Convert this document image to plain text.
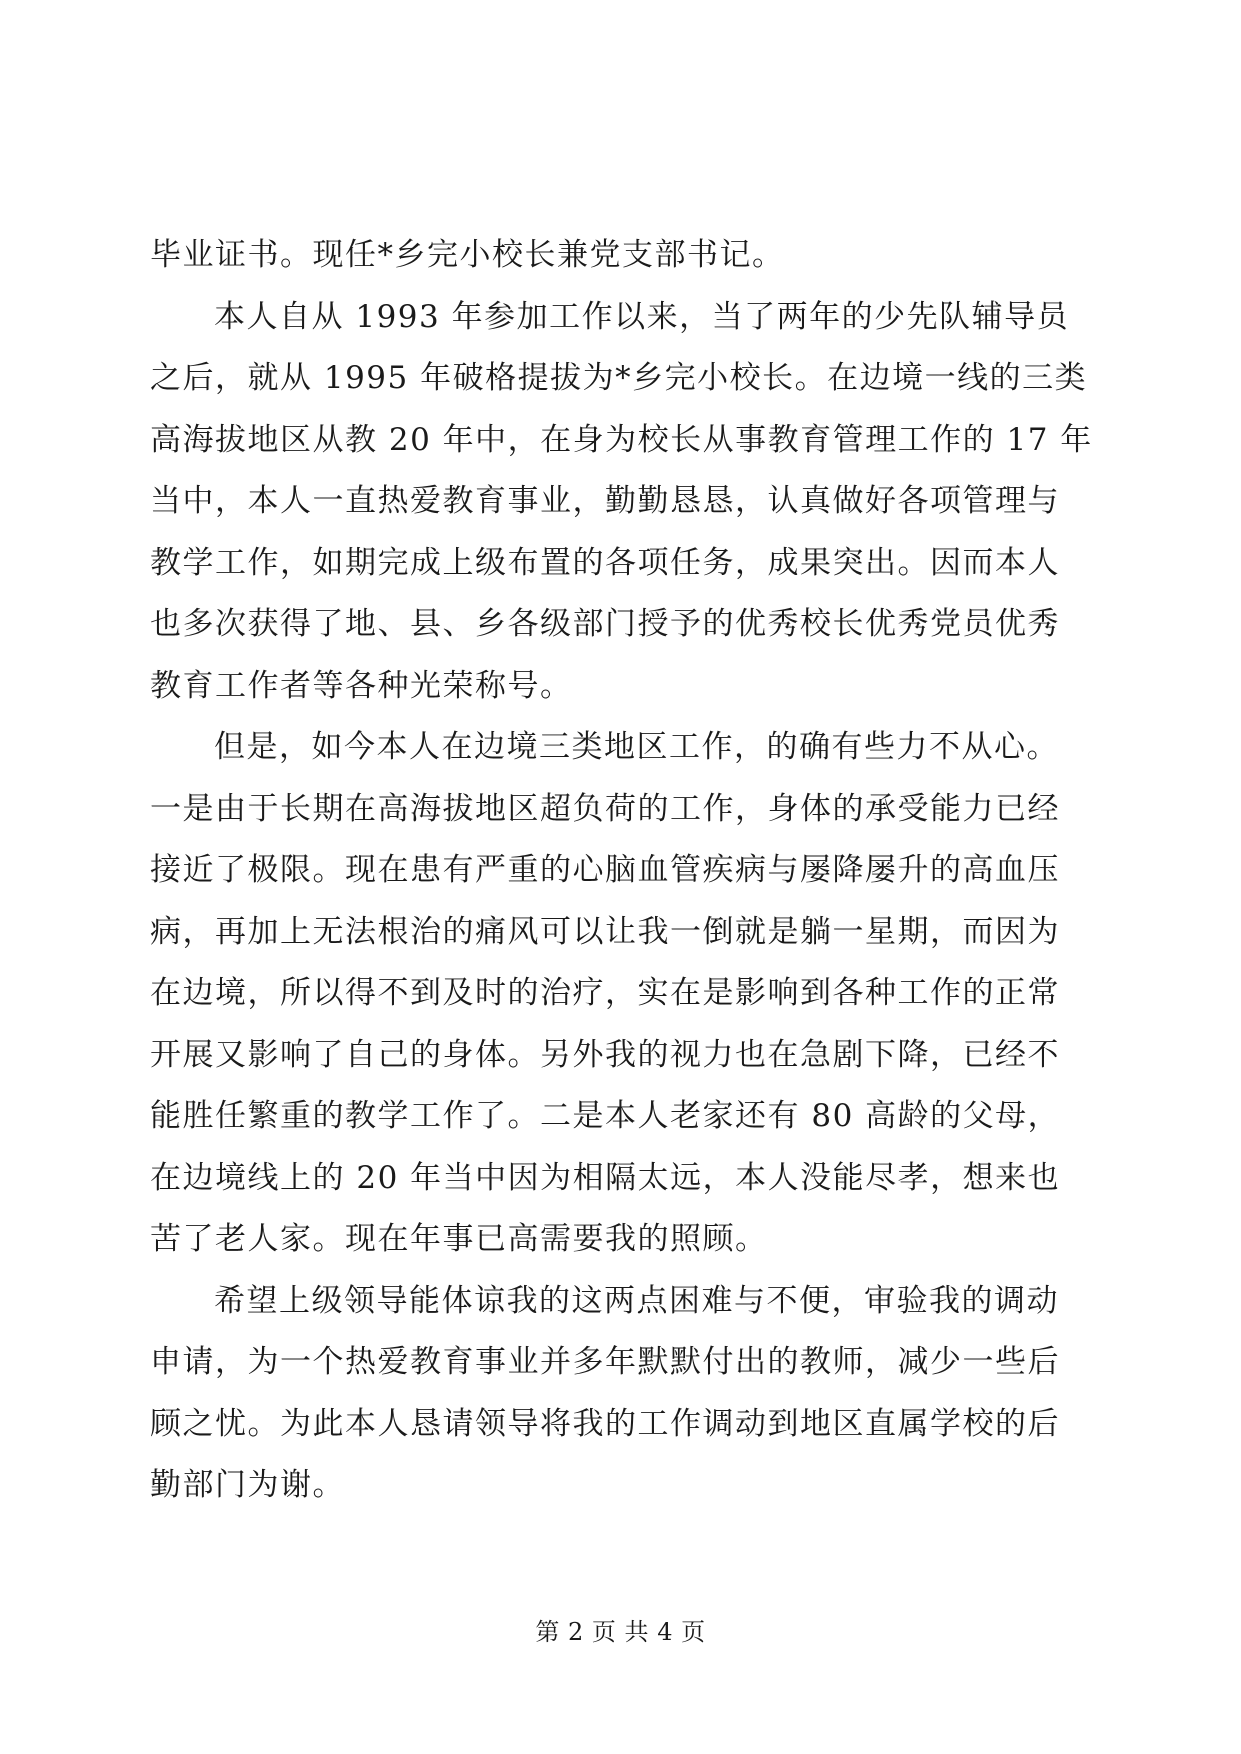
毕业证书。现任*乡完小校长兼党支部书记。
本人自从 1993 年参加工作以来，当了两年的少先队辅导员
之后，就从 1995 年破格提拔为*乡完小校长。在边境一线的三类
高海拔地区从教 20 年中，在身为校长从事教育管理工作的 17 年
当中，本人一直热爱教育事业，勤勤恳恳，认真做好各项管理与
教学工作，如期完成上级布置的各项任务，成果突出。因而本人
也多次获得了地、县、乡各级部门授予的优秀校长优秀党员优秀
教育工作者等各种光荣称号。
但是，如今本人在边境三类地区工作，的确有些力不从心。
一是由于长期在高海拔地区超负荷的工作，身体的承受能力已经
接近了极限。现在患有严重的心脑血管疾病与屡降屡升的高血压
病，再加上无法根治的痛风可以让我一倒就是躺一星期，而因为
在边境，所以得不到及时的治疗，实在是影响到各种工作的正常
开展又影响了自己的身体。另外我的视力也在急剧下降，已经不
能胜任繁重的教学工作了。二是本人老家还有 80 高龄的父母，
在边境线上的 20 年当中因为相隔太远，本人没能尽孝，想来也
苦了老人家。现在年事已高需要我的照顾。
希望上级领导能体谅我的这两点困难与不便，审验我的调动
申请，为一个热爱教育事业并多年默默付出的教师，减少一些后
顾之忧。为此本人恳请领导将我的工作调动到地区直属学校的后
勤部门为谢。
第 2 页 共 4 页
